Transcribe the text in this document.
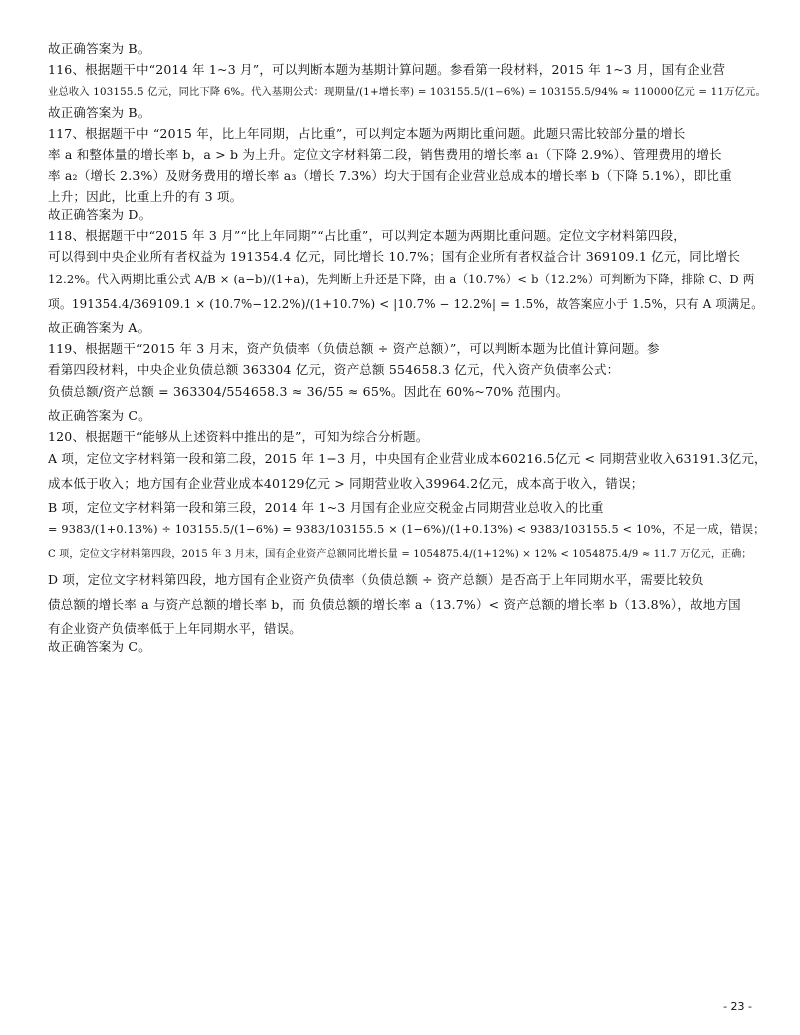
故正确答案为 B。
116、根据题干中“2014 年 1~3 月”，可以判断本题为基期计算问题。参看第一段材料，2015 年 1~3 月，国有企业营
业总收入 103155.5 亿元，同比下降 6%。代入基期公式：现期量/(1+增长率) = 103155.5/(1−6%) = 103155.5/94% ≈ 110000亿元 = 11万亿元。
故正确答案为 B。
117、根据题干中 “2015 年，比上年同期，占比重”，可以判定本题为两期比重问题。此题只需比较部分量的增长
率 a 和整体量的增长率 b，a > b 为上升。定位文字材料第二段，销售费用的增长率 a₁（下降 2.9%）、管理费用的增长
率 a₂（增长 2.3%）及财务费用的增长率 a₃（增长 7.3%）均大于国有企业营业总成本的增长率 b（下降 5.1%），即比重
上升；因此，比重上升的有 3 项。
故正确答案为 D。
118、根据题干中“2015 年 3 月”“比上年同期”“占比重”，可以判定本题为两期比重问题。定位文字材料第四段，
可以得到中央企业所有者权益为 191354.4 亿元，同比增长 10.7%；国有企业所有者权益合计 369109.1 亿元，同比增长
12.2%。代入两期比重公式 A/B × (a−b)/(1+a)，先判断上升还是下降，由 a（10.7%）< b（12.2%）可判断为下降，排除 C、D 两
项。191354.4/369109.1 × (10.7%−12.2%)/(1+10.7%) < |10.7% − 12.2%| = 1.5%，故答案应小于 1.5%，只有 A 项满足。
故正确答案为 A。
119、根据题干“2015 年 3 月末，资产负债率（负债总额 ÷ 资产总额）”，可以判断本题为比值计算问题。参
看第四段材料，中央企业负债总额 363304 亿元，资产总额 554658.3 亿元，代入资产负债率公式：
负债总额/资产总额 = 363304/554658.3 ≈ 36/55 ≈ 65%。因此在 60%~70% 范围内。
故正确答案为 C。
120、根据题干“能够从上述资料中推出的是”，可知为综合分析题。
A 项，定位文字材料第一段和第二段，2015 年 1−3 月，中央国有企业营业成本60216.5亿元 < 同期营业收入63191.3亿元，
成本低于收入；地方国有企业营业成本40129亿元 > 同期营业收入39964.2亿元，成本高于收入，错误；
B 项，定位文字材料第一段和第三段，2014 年 1~3 月国有企业应交税金占同期营业总收入的比重
= 9383/(1+0.13%) ÷ 103155.5/(1−6%) = 9383/103155.5 × (1−6%)/(1+0.13%) < 9383/103155.5 < 10%，不足一成，错误；
C 项，定位文字材料第四段，2015 年 3 月末，国有企业资产总额同比增长量 = 1054875.4/(1+12%) × 12% < 1054875.4/9 ≈ 11.7 万亿元，正确；
D 项，定位文字材料第四段，地方国有企业资产负债率（负债总额 ÷ 资产总额）是否高于上年同期水平，需要比较负
债总额的增长率 a 与资产总额的增长率 b，而 负债总额的增长率 a（13.7%）< 资产总额的增长率 b（13.8%），故地方国
有企业资产负债率低于上年同期水平，错误。
故正确答案为 C。
- 23 -
